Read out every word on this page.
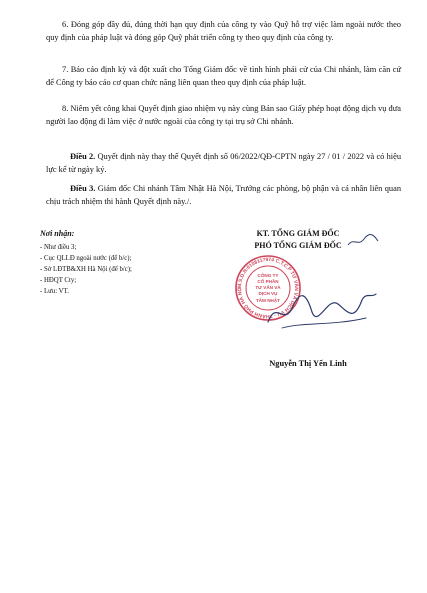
6. Đóng góp đầy đủ, đúng thời hạn quy định của công ty vào Quỹ hỗ trợ việc làm ngoài nước theo quy định của pháp luật và đóng góp Quỹ phát triển công ty theo quy định của công ty.

7. Báo cáo định kỳ và đột xuất cho Tổng Giám đốc về tình hình phái cử của Chi nhánh, làm căn cứ để Công ty báo cáo cơ quan chức năng liên quan theo quy định của pháp luật.

8. Niêm yết công khai Quyết định giao nhiệm vụ này cùng Bản sao Giấy phép hoạt động dịch vụ đưa người lao động đi làm việc ở nước ngoài của công ty tại trụ sở Chi nhánh.

Điều 2. Quyết định này thay thế Quyết định số 06/2022/QĐ-CPTN ngày 27 / 01 / 2022 và có hiệu lực kể từ ngày ký.

Điều 3. Giám đốc Chi nhánh Tâm Nhật Hà Nội, Trưởng các phòng, bộ phận và cá nhân liên quan chịu trách nhiệm thi hành Quyết định này./.

Nơi nhận:

- Như điều 3;
- Cục QLLĐ ngoài nước (để b/c);
- Sở LĐTB&XH Hà Nội (để b/c);
- HĐQT Cty;
- Lưu: VT.
KT. TỔNG GIÁM ĐỐC
PHÓ TỔNG GIÁM ĐỐC
M.S.D.N:0108117974 C.T.C.P TƯ VẤN VÀ DỊCH VỤ - THÀNH PHỐ HÀ NỘ
CÔNG TY
CỔ PHẦN
TƯ VẤN VÀ
DỊCH VỤ
TÂM NHẬT
Nguyễn Thị Yến Linh
